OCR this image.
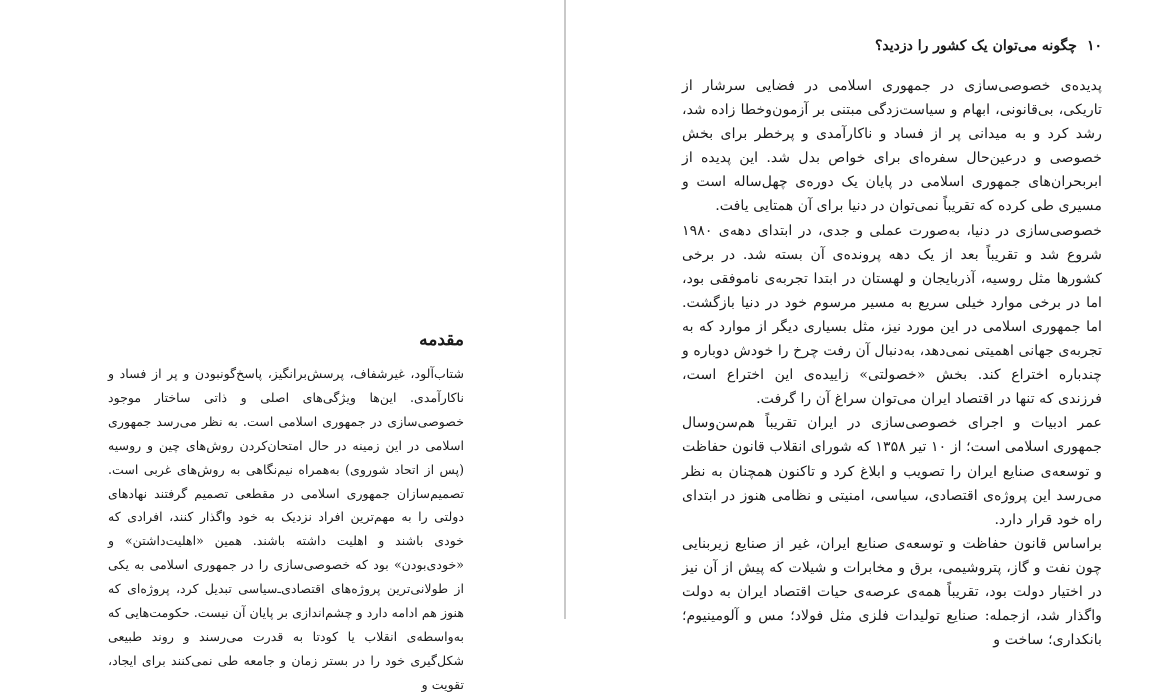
مقدمه

شتاب‌آلود، غیرشفاف، پرسش‌برانگیز، پاسخ‌گونبودن و پر از فساد و ناکارآمدی. این‌ها ویژگی‌های اصلی و ذاتی ساختار موجود خصوصی‌سازی در جمهوری اسلامی است. به نظر می‌رسد جمهوری اسلامی در این زمینه در حال امتحان‌کردن روش‌های چین و روسیه (پس از اتحاد شوروی) به‌همراه نیم‌نگاهی به روش‌های غربی است. تصمیم‌سازان جمهوری اسلامی در مقطعی تصمیم گرفتند نهادهای دولتی را به مهم‌ترین افراد نزدیک به خود واگذار کنند، افرادی که خودی باشند و اهلیت داشته باشند. همین «اهلیت‌داشتن» و «خودی‌بودن» بود که خصوصی‌سازی را در جمهوری اسلامی به یکی از طولانی‌ترین پروژه‌های اقتصادی‌ـ‌سیاسی تبدیل کرد، پروژه‌ای که هنوز هم ادامه دارد و چشم‌اندازی بر پایان آن نیست. حکومت‌هایی که به‌واسطه‌ی انقلاب یا کودتا به قدرت می‌رسند و روند طبیعی شکل‌گیری خود را در بستر زمان و جامعه طی نمی‌کنند برای ایجاد، تقویت و

۱۰چگونه می‌توان یک کشور را دزدید؟

پدیده‌ی خصوصی‌سازی در جمهوری اسلامی در فضایی سرشار از تاریکی، بی‌قانونی، ابهام و سیاست‌زدگی مبتنی بر آزمون‌وخطا زاده شد، رشد کرد و به میدانی پر از فساد و ناکارآمدی و پرخطر برای بخش خصوصی و درعین‌حال سفره‌ای برای خواص بدل شد. این پدیده از ابربحران‌های جمهوری اسلامی در پایان یک دوره‌ی چهل‌ساله است و مسیری طی کرده که تقریباً نمی‌توان در دنیا برای آن همتایی یافت.

خصوصی‌سازی در دنیا، به‌صورت عملی و جدی، در ابتدای دهه‌ی ۱۹۸۰ شروع شد و تقریباً بعد از یک دهه پرونده‌ی آن بسته شد. در برخی کشورها مثل روسیه، آذربایجان و لهستان در ابتدا تجربه‌ی ناموفقی بود، اما در برخی موارد خیلی سریع به مسیر مرسوم خود در دنیا بازگشت. اما جمهوری اسلامی در این مورد نیز، مثل بسیاری دیگر از موارد که به تجربه‌ی جهانی اهمیتی نمی‌دهد، به‌دنبال آن رفت چرخ را خودش دوباره و چندباره اختراع کند. بخش «خصولتی» زاییده‌ی این اختراع است، فرزندی که تنها در اقتصاد ایران می‌توان سراغ آن را گرفت.

عمر ادبیات و اجرای خصوصی‌سازی در ایران تقریباً هم‌سن‌وسال جمهوری اسلامی است؛ از ۱۰ تیر ۱۳۵۸ که شورای انقلاب قانون حفاظت و توسعه‌ی صنایع ایران را تصویب و ابلاغ کرد و تاکنون همچنان به نظر می‌رسد این پروژه‌ی اقتصادی، سیاسی، امنیتی و نظامی هنوز در ابتدای راه خود قرار دارد.

براساس قانون حفاظت و توسعه‌ی صنایع ایران، غیر از صنایع زیربنایی چون نفت و گاز، پتروشیمی، برق و مخابرات و شیلات که پیش از آن نیز در اختیار دولت بود، تقریباً همه‌ی عرصه‌ی حیات اقتصاد ایران به دولت واگذار شد، ازجمله: صنایع تولیدات فلزی مثل فولاد؛ مس و آلومینیوم؛ بانکداری؛ ساخت و
